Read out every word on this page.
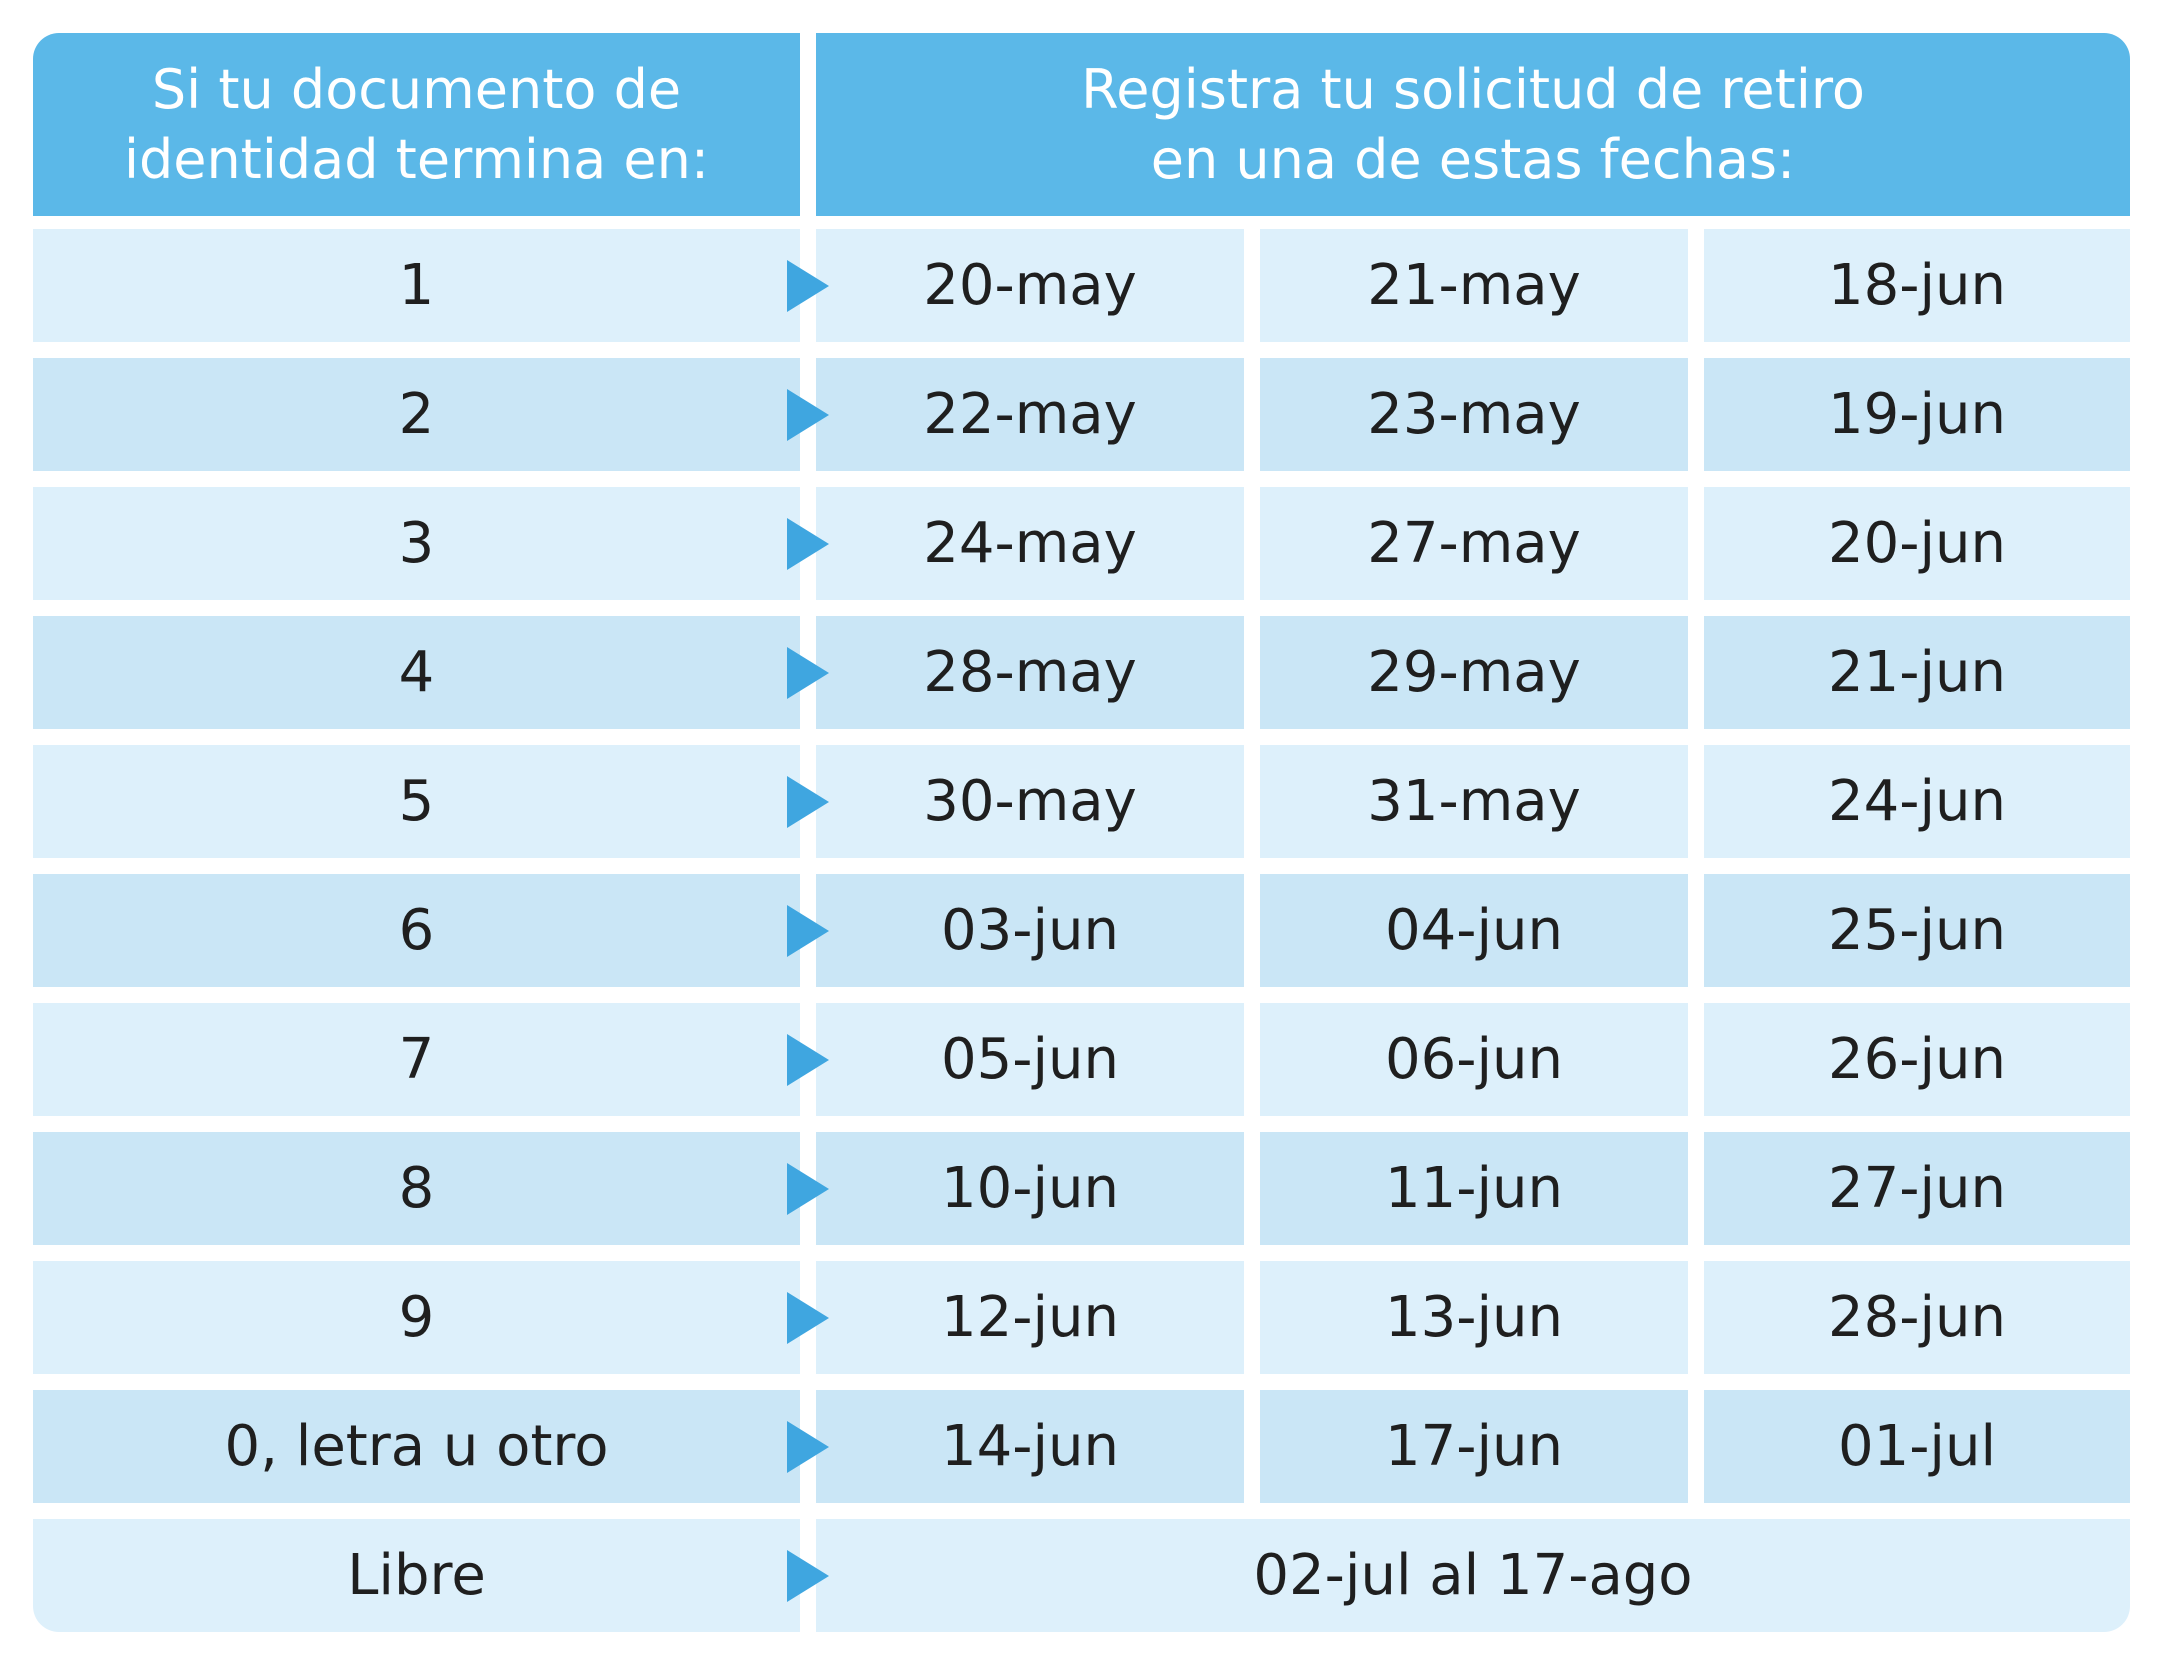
Si tu documento de
identidad termina en:
Registra tu solicitud de retiro
en una de estas fechas:
1	20-may	21-may	18-jun
2	22-may	23-may	19-jun
3	24-may	27-may	20-jun
4	28-may	29-may	21-jun
5	30-may	31-may	24-jun
6	03-jun	04-jun	25-jun
7	05-jun	06-jun	26-jun
8	10-jun	11-jun	27-jun
9	12-jun	13-jun	28-jun
0, letra u otro	14-jun	17-jun	01-jul
Libre	02-jul al 17-ago
